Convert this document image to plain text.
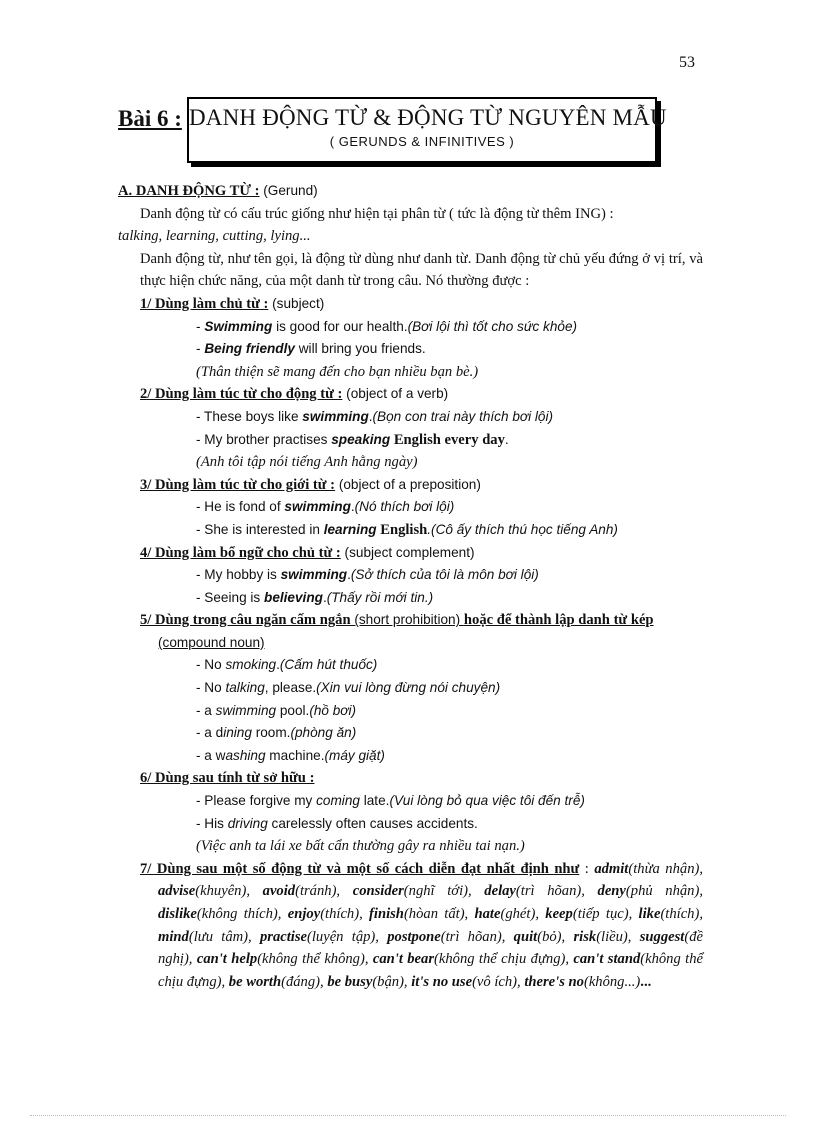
53
Bài 6 : DANH ĐỘNG TỪ & ĐỘNG TỪ NGUYÊN MẪU
( GERUNDS & INFINITIVES )

A. DANH ĐỘNG TỪ : (Gerund)

Danh động từ có cấu trúc giống như hiện tại phân từ ( tức là động từ thêm ING) :
talking, learning, cutting, lying...

Danh động từ, như tên gọi, là động từ dùng như danh từ. Danh động từ chủ yếu đứng ở vị trí, và thực hiện chức năng, của một danh từ trong câu. Nó thường được :

1/ Dùng làm chủ từ : (subject)

- Swimming is good for our health.(Bơi lội thì tốt cho sức khỏe)

- Being friendly will bring you friends.

(Thân thiện sẽ mang đến cho bạn nhiều bạn bè.)

2/ Dùng làm túc từ cho động từ : (object of a verb)

- These boys like swimming.(Bọn con trai này thích bơi lội)

- My brother practises speaking English every day.

(Anh tôi tập nói tiếng Anh hằng ngày)

3/ Dùng làm túc từ cho giới từ : (object of a preposition)

- He is fond of swimming.(Nó thích bơi lội)

- She is interested in learning English.(Cô ấy thích thú học tiếng Anh)

4/ Dùng làm bổ ngữ cho chủ từ : (subject complement)

- My hobby is swimming.(Sở thích của tôi là môn bơi lội)

- Seeing is believing.(Thấy rồi mới tin.)

5/ Dùng trong câu ngăn cấm ngắn (short prohibition) hoặc để thành lập danh từ kép (compound noun)

- No smoking.(Cấm hút thuốc)

- No talking, please.(Xin vui lòng đừng nói chuyện)

- a swimming pool.(hồ bơi)

- a dining room.(phòng ăn)

- a washing machine.(máy giặt)

6/ Dùng sau tính từ sở hữu :

- Please forgive my coming late.(Vui lòng bỏ qua việc tôi đến trễ)

- His driving carelessly often causes accidents.

(Việc anh ta lái xe bất cẩn thường gây ra nhiều tai nạn.)

7/ Dùng sau một số động từ và một số cách diễn đạt nhất định như : admit(thừa nhận), advise(khuyên), avoid(tránh), consider(nghĩ tới), delay(trì hõan), deny(phủ nhận), dislike(không thích), enjoy(thích), finish(hòan tất), hate(ghét), keep(tiếp tục), like(thích), mind(lưu tâm), practise(luyện tập), postpone(trì hõan), quit(bỏ), risk(liều), suggest(đề nghị), can't help(không thể không), can't bear(không thể chịu đựng), can't stand(không thể chịu đựng), be worth(đáng), be busy(bận), it's no use(vô ích), there's no(không...)...
